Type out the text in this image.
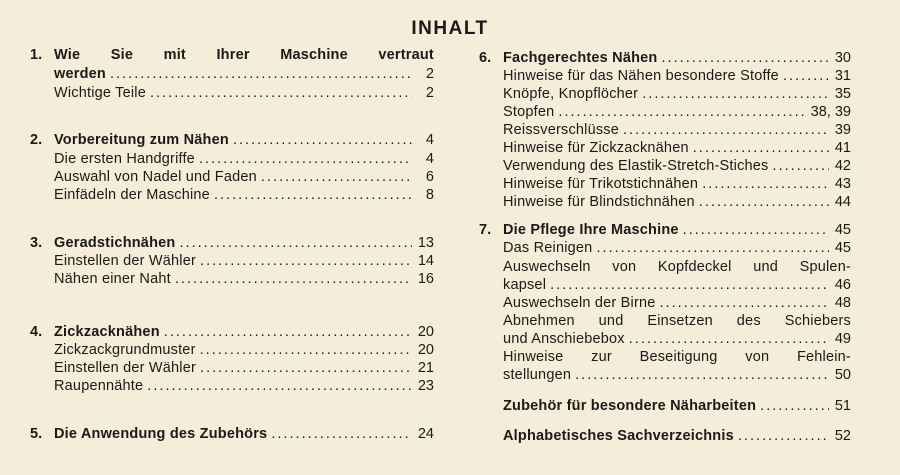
INHALT
1. Wie Sie mit Ihrer Maschine vertraut
werden . . .	2
Wichtige Teile . . .	2
2. Vorbereitung zum Nähen . . .	4
Die ersten Handgriffe . . .	4
Auswahl von Nadel und Faden . . .	6
Einfädeln der Maschine . . .	8
3. Geradstichnähen . . .	13
Einstellen der Wähler . . .	14
Nähen einer Naht . . .	16
4. Zickzacknähen . . .	20
Zickzackgrundmuster . . .	20
Einstellen der Wähler . . .	21
Raupennähte . . .	23
5. Die Anwendung des Zubehörs . . .	24
6. Fachgerechtes Nähen . . .	30
Hinweise für das Nähen besondere Stoffe . . .	31
Knöpfe, Knopflöcher . . .	35
Stopfen . . .	38, 39
Reissverschlüsse . . .	39
Hinweise für Zickzacknähen . . .	41
Verwendung des Elastik-Stretch-Stiches . . .	42
Hinweise für Trikotstichnähen . . .	43
Hinweise für Blindstichnähen . . .	44
7. Die Pflege Ihre Maschine . . .	45
Das Reinigen . . .	45
Auswechseln von Kopfdeckel und Spulen-
kapsel . . .	46
Auswechseln der Birne . . .	48
Abnehmen und Einsetzen des Schiebers
und Anschiebebox . . .	49
Hinweise zur Beseitigung von Fehlein-
stellungen . . .	50
Zubehör für besondere Näharbeiten . . .	51
Alphabetisches Sachverzeichnis . . .	52
